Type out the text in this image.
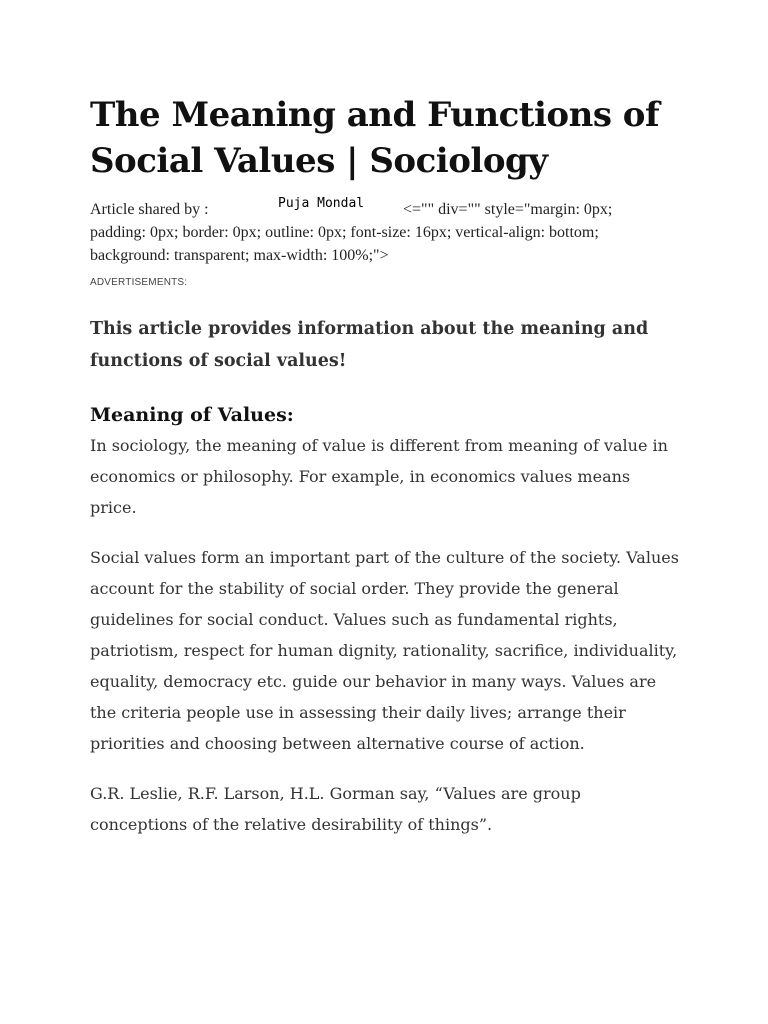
The Meaning and Functions of Social Values | Sociology
Article shared by :	Puja Mondal <="" div="" style="margin: 0px;
padding: 0px; border: 0px; outline: 0px; font-size: 16px; vertical-align: bottom;
background: transparent; max-width: 100%;">
ADVERTISEMENTS:
This article provides information about the meaning and functions of social values!
Meaning of Values:

In sociology, the meaning of value is different from meaning of value in economics or philosophy. For example, in economics values means price.

Social values form an important part of the culture of the society. Values account for the stability of social order. They provide the general guidelines for social conduct. Values such as fundamental rights, patriotism, respect for human dignity, rationality, sacrifice, individuality, equality, democracy etc. guide our behavior in many ways. Values are the criteria people use in assessing their daily lives; arrange their priorities and choosing between alternative course of action.

G.R. Leslie, R.F. Larson, H.L. Gorman say, “Values are group conceptions of the relative desirability of things”.
